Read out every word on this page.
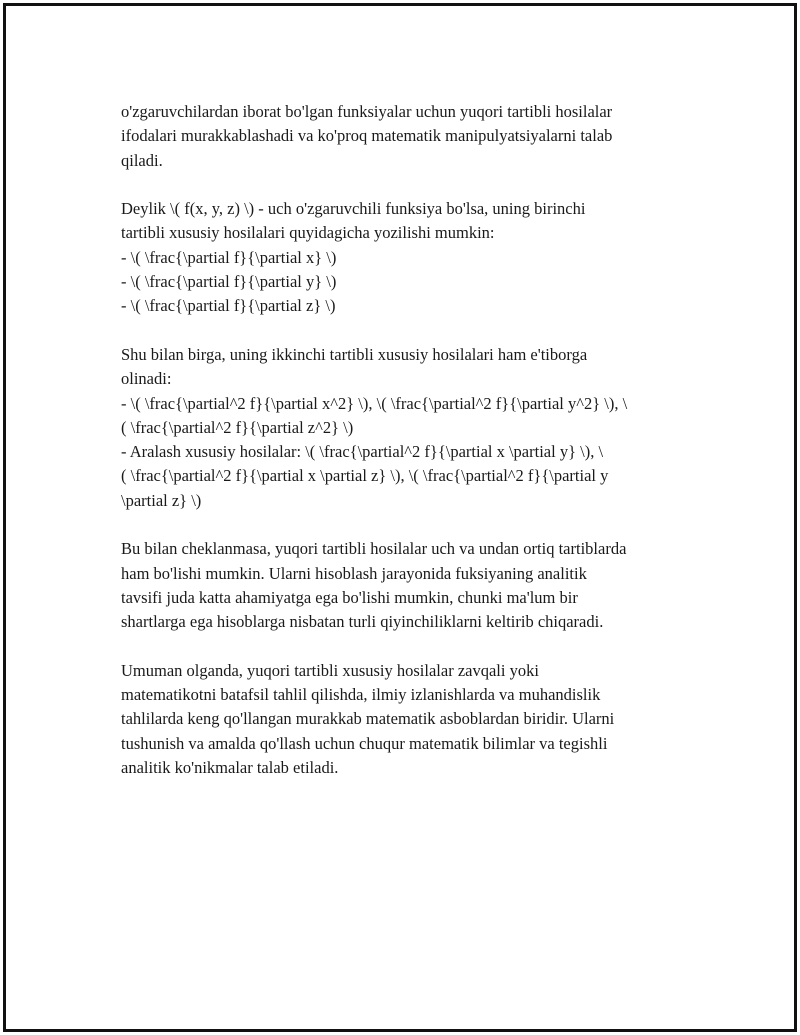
o'zgaruvchilardan iborat bo'lgan funksiyalar uchun yuqori tartibli hosilalar
ifodalari murakkablashadi va ko'proq matematik manipulyatsiyalarni talab
qiladi.

Deylik \( f(x, y, z) \) - uch o'zgaruvchili funksiya bo'lsa, uning birinchi
tartibli xususiy hosilalari quyidagicha yozilishi mumkin:
- \( \frac{\partial f}{\partial x} \)
- \( \frac{\partial f}{\partial y} \)
- \( \frac{\partial f}{\partial z} \)

Shu bilan birga, uning ikkinchi tartibli xususiy hosilalari ham e'tiborga
olinadi:
- \( \frac{\partial^2 f}{\partial x^2} \), \( \frac{\partial^2 f}{\partial y^2} \), \
( \frac{\partial^2 f}{\partial z^2} \)
- Aralash xususiy hosilalar: \( \frac{\partial^2 f}{\partial x \partial y} \), \
( \frac{\partial^2 f}{\partial x \partial z} \), \( \frac{\partial^2 f}{\partial y
\partial z} \)

Bu bilan cheklanmasa, yuqori tartibli hosilalar uch va undan ortiq tartiblarda
ham bo'lishi mumkin. Ularni hisoblash jarayonida fuksiyaning analitik
tavsifi juda katta ahamiyatga ega bo'lishi mumkin, chunki ma'lum bir
shartlarga ega hisoblarga nisbatan turli qiyinchiliklarni keltirib chiqaradi.

Umuman olganda, yuqori tartibli xususiy hosilalar zavqali yoki
matematikotni batafsil tahlil qilishda, ilmiy izlanishlarda va muhandislik
tahlilarda keng qo'llangan murakkab matematik asboblardan biridir. Ularni
tushunish va amalda qo'llash uchun chuqur matematik bilimlar va tegishli
analitik ko'nikmalar talab etiladi.
